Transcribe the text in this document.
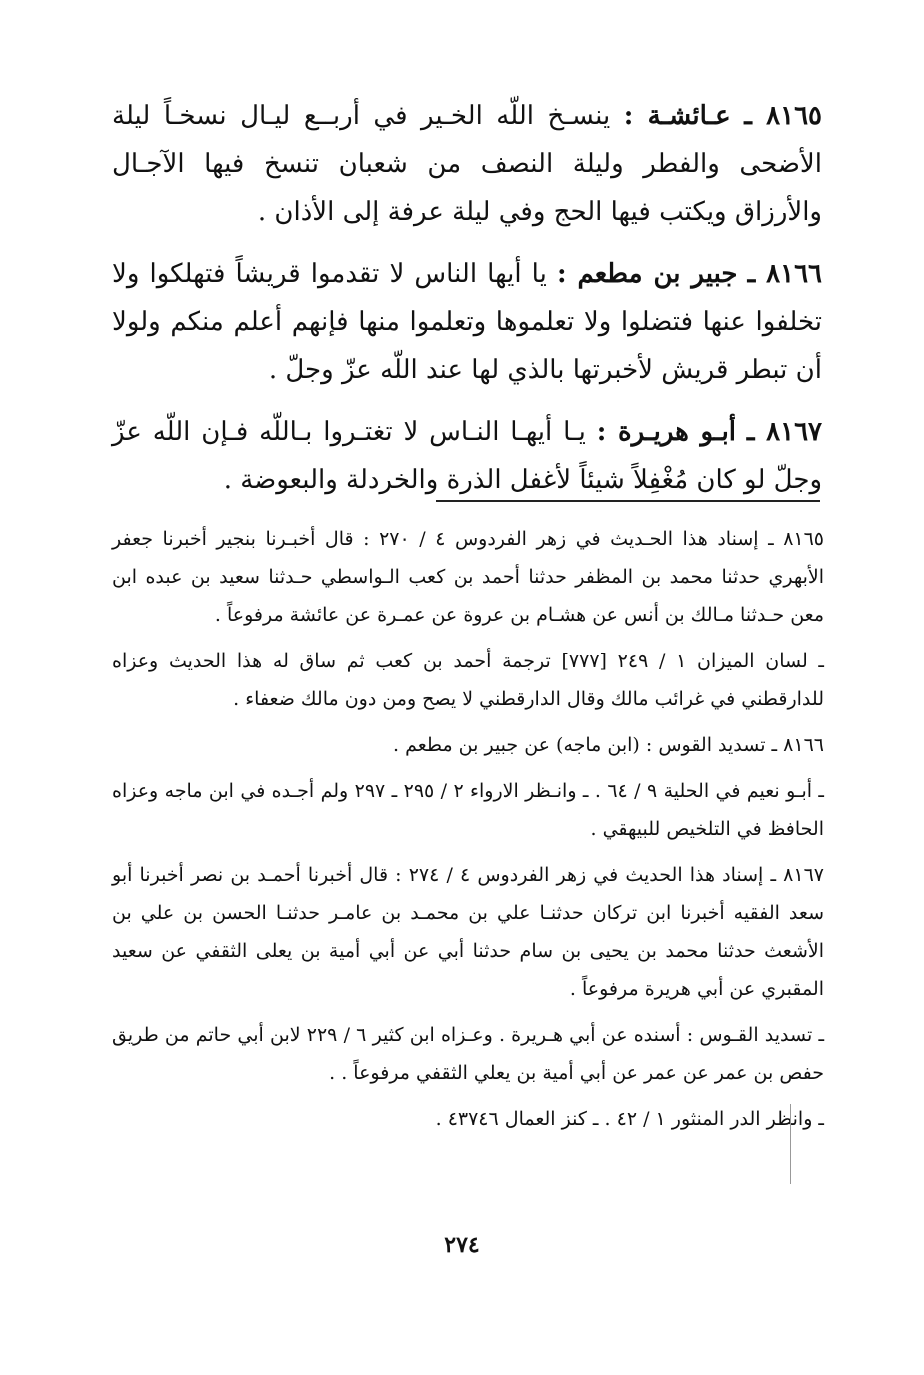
٨١٦٥ ـ عـائشـة : ينسـخ اللّه الخـير في أربــع ليـال نسخـاً ليلة الأضحى والفطر وليلة النصف من شعبان تنسخ فيها الآجـال والأرزاق ويكتب فيها الحج وفي ليلة عرفة إلى الأذان .

٨١٦٦ ـ جبير بن مطعم : يا أيها الناس لا تقدموا قريشاً فتهلكوا ولا تخلفوا عنها فتضلوا ولا تعلموها وتعلموا منها فإنهم أعلم منكم ولولا أن تبطر قريش لأخبرتها بالذي لها عند اللّه عزّ وجلّ .

٨١٦٧ ـ أبـو هريـرة : يـا أيهـا النـاس لا تغتـروا بـاللّه فـإن اللّه عزّ وجلّ لو كان مُغْفِلاً شيئاً لأغفل الذرة والخردلة والبعوضة .

٨١٦٥ ـ إسناد هذا الحـديث في زهر الفردوس ٤ / ٢٧٠ : قال أخبـرنا بنجير أخبرنا جعفر الأبهري حدثنا محمد بن المظفر حدثنا أحمد بن كعب الـواسطي حـدثنا سعيد بن عبده ابن معن حـدثنا مـالك بن أنس عن هشـام بن عروة عن عمـرة عن عائشة مرفوعاً .

ـ لسان الميزان ١ / ٢٤٩ [٧٧٧] ترجمة أحمد بن كعب ثم ساق له هذا الحديث وعزاه للدارقطني في غرائب مالك وقال الدارقطني لا يصح ومن دون مالك ضعفاء .

٨١٦٦ ـ تسديد القوس : (ابن ماجه) عن جبير بن مطعم .

ـ أبـو نعيم في الحلية ٩ / ٦٤ . ـ وانـظر الارواء ٢ / ٢٩٥ ـ ٢٩٧ ولم أجـده في ابن ماجه وعزاه الحافظ في التلخيص للبيهقي .

٨١٦٧ ـ إسناد هذا الحديث في زهر الفردوس ٤ / ٢٧٤ : قال أخبرنا أحمـد بن نصر أخبرنا أبو سعد الفقيه أخبرنا ابن تركان حدثنـا علي بن محمـد بن عامـر حدثنـا الحسن بن علي بن الأشعث حدثنا محمد بن يحيى بن سام حدثنا أبي عن أبي أمية بن يعلى الثقفي عن سعيد المقبري عن أبي هريرة مرفوعاً .

ـ تسديد القـوس : أسنده عن أبي هـريرة . وعـزاه ابن كثير ٦ / ٢٢٩ لابن أبي حاتم من طريق حفص بن عمر عن عمر عن أبي أمية بن يعلي الثقفي مرفوعاً . .

ـ وانظر الدر المنثور ١ / ٤٢ . ـ كنز العمال ٤٣٧٤٦ .

٢٧٤
